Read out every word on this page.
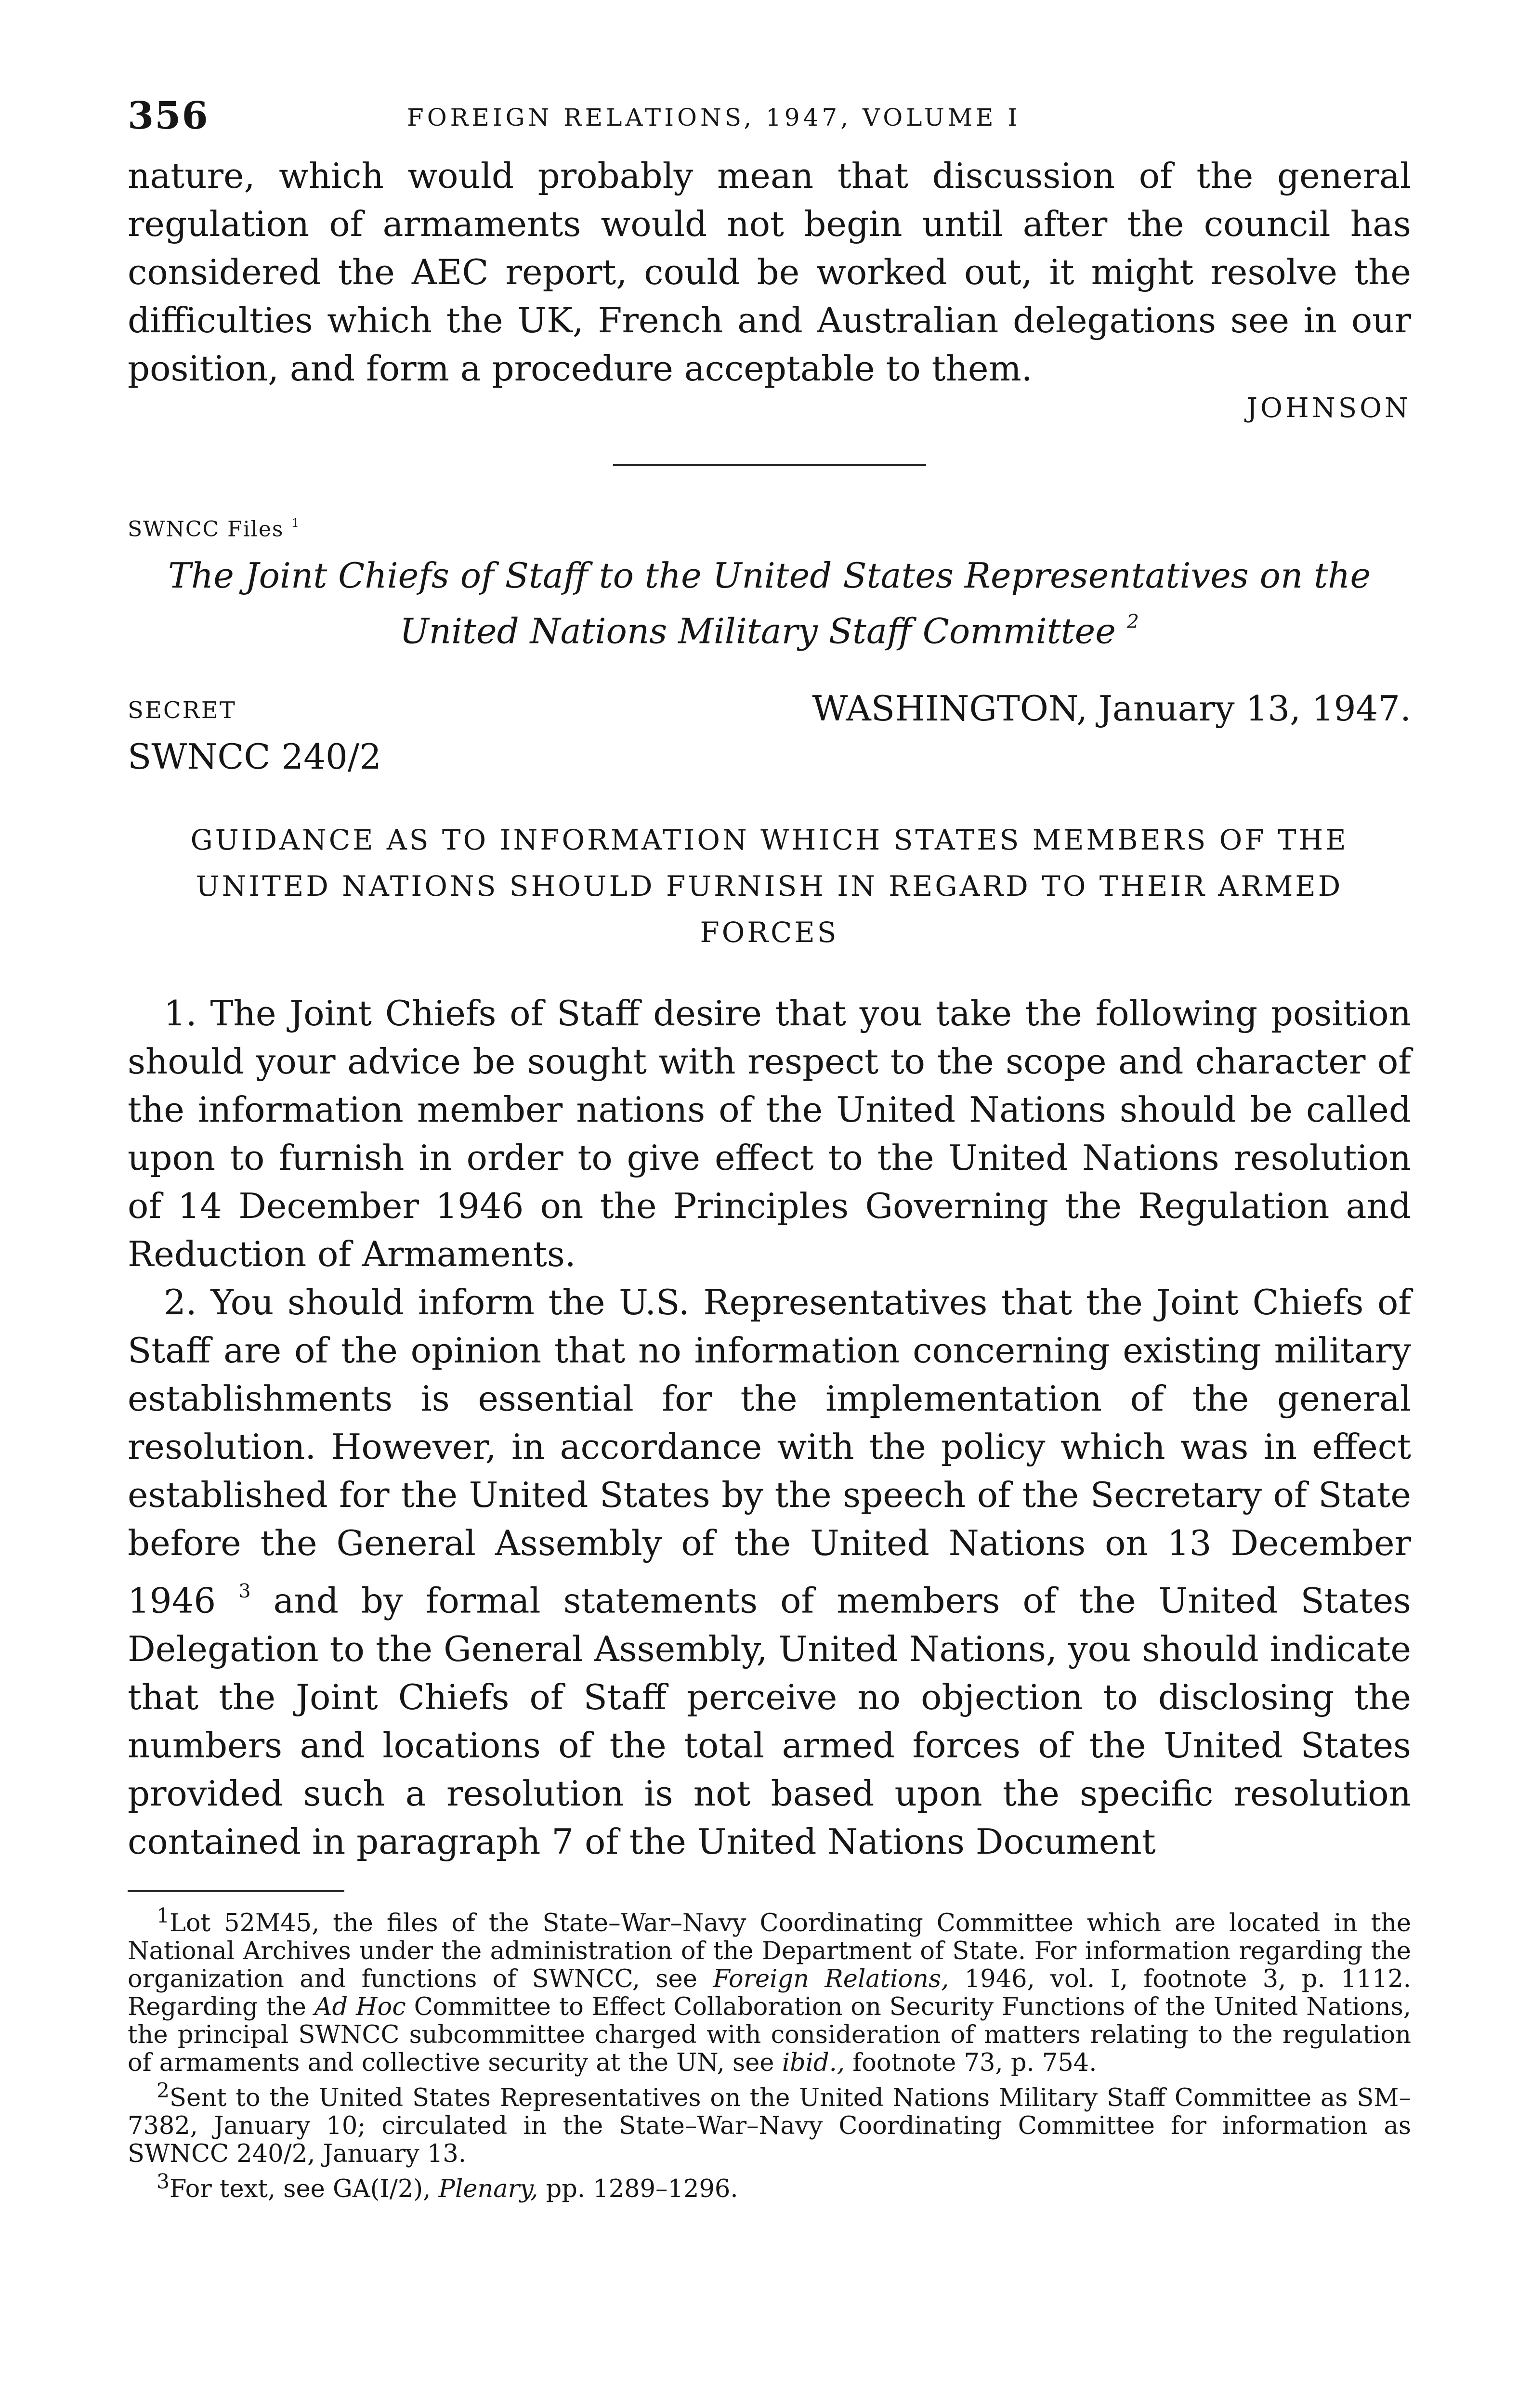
356	FOREIGN RELATIONS, 1947, VOLUME I

nature, which would probably mean that discussion of the general regulation of armaments would not begin until after the council has considered the AEC report, could be worked out, it might resolve the difficulties which the UK, French and Australian delegations see in our position, and form a procedure acceptable to them.

JOHNSON

SWNCC Files $^1$

The Joint Chiefs of Staff to the United States Representatives on the United Nations Military Staff Committee $^2$

SECRET	WASHINGTON, January 13, 1947.

SWNCC 240/2

GUIDANCE AS TO INFORMATION WHICH STATES MEMBERS OF THE UNITED NATIONS SHOULD FURNISH IN REGARD TO THEIR ARMED FORCES

1. The Joint Chiefs of Staff desire that you take the following position should your advice be sought with respect to the scope and character of the information member nations of the United Nations should be called upon to furnish in order to give effect to the United Nations resolution of 14 December 1946 on the Principles Governing the Regulation and Reduction of Armaments.

2. You should inform the U.S. Representatives that the Joint Chiefs of Staff are of the opinion that no information concerning existing military establishments is essential for the implementation of the general resolution. However, in accordance with the policy which was in effect established for the United States by the speech of the Secretary of State before the General Assembly of the United Nations on 13 December 1946 $^3$ and by formal statements of members of the United States Delegation to the General Assembly, United Nations, you should indicate that the Joint Chiefs of Staff perceive no objection to disclosing the numbers and locations of the total armed forces of the United States provided such a resolution is not based upon the specific resolution contained in paragraph 7 of the United Nations Document

$^1$Lot 52M45, the files of the State–War–Navy Coordinating Committee which are located in the National Archives under the administration of the Department of State. For information regarding the organization and functions of SWNCC, see Foreign Relations, 1946, vol. I, footnote 3, p. 1112. Regarding the Ad Hoc Committee to Effect Collaboration on Security Functions of the United Nations, the principal SWNCC subcommittee charged with consideration of matters relating to the regulation of armaments and collective security at the UN, see ibid., footnote 73, p. 754.

$^2$Sent to the United States Representatives on the United Nations Military Staff Committee as SM–7382, January 10; circulated in the State–War–Navy Coordinating Committee for information as SWNCC 240/2, January 13.

$^3$For text, see GA(I/2), Plenary, pp. 1289–1296.
